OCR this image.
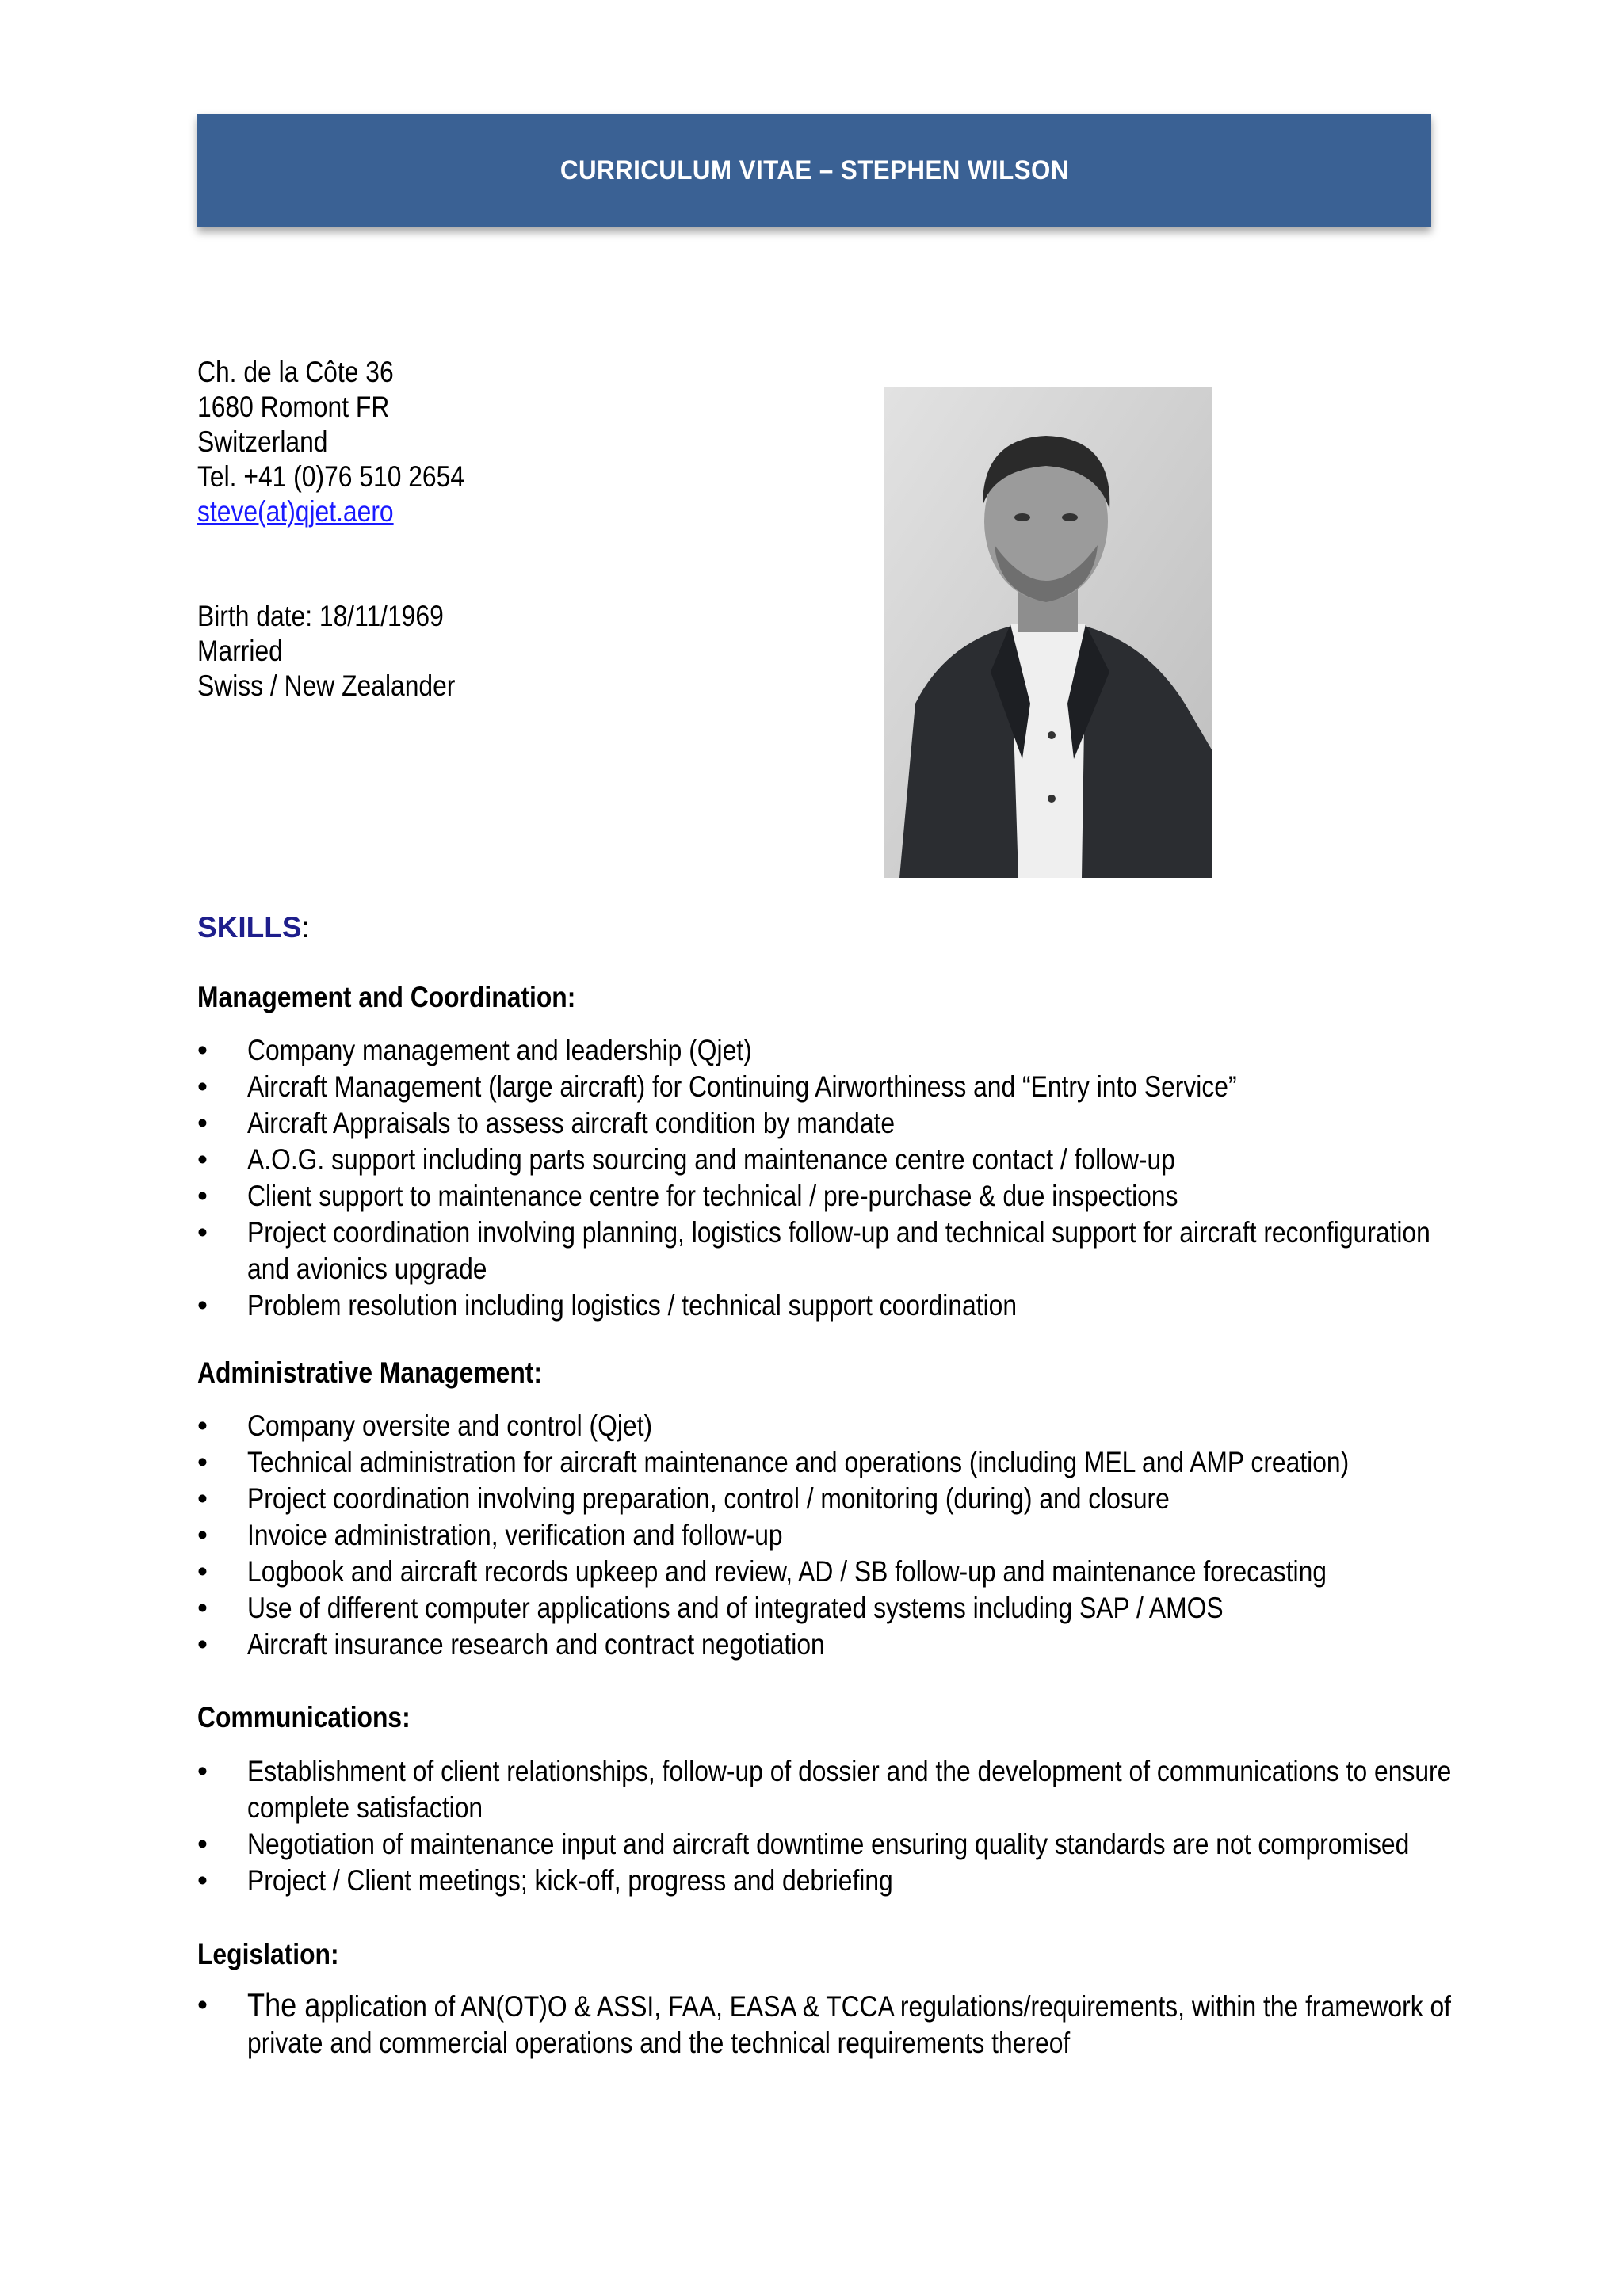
CURRICULUM VITAE – STEPHEN WILSON
Ch. de la Côte 36
1680 Romont FR
Switzerland
Tel. +41 (0)76 510 2654
steve(at)qjet.aero
Birth date: 18/11/1969
Married
Swiss / New Zealander
SKILLS:
Management and Coordination:
• Company management and leadership (Qjet)
• Aircraft Management (large aircraft) for Continuing Airworthiness and “Entry into Service”
• Aircraft Appraisals to assess aircraft condition by mandate
• A.O.G. support including parts sourcing and maintenance centre contact / follow-up
• Client support to maintenance centre for technical / pre-purchase & due inspections
• Project coordination involving planning, logistics follow-up and technical support for aircraft reconfiguration
and avionics upgrade
• Problem resolution including logistics / technical support coordination
Administrative Management:
• Company oversite and control (Qjet)
• Technical administration for aircraft maintenance and operations (including MEL and AMP creation)
• Project coordination involving preparation, control / monitoring (during) and closure
• Invoice administration, verification and follow-up
• Logbook and aircraft records upkeep and review, AD / SB follow-up and maintenance forecasting
• Use of different computer applications and of integrated systems including SAP / AMOS
• Aircraft insurance research and contract negotiation
Communications:
• Establishment of client relationships, follow-up of dossier and the development of communications to ensure
complete satisfaction
• Negotiation of maintenance input and aircraft downtime ensuring quality standards are not compromised
• Project / Client meetings; kick-off, progress and debriefing
Legislation:
• The application of AN(OT)O & ASSI, FAA, EASA & TCCA regulations/requirements, within the framework of
private and commercial operations and the technical requirements thereof
